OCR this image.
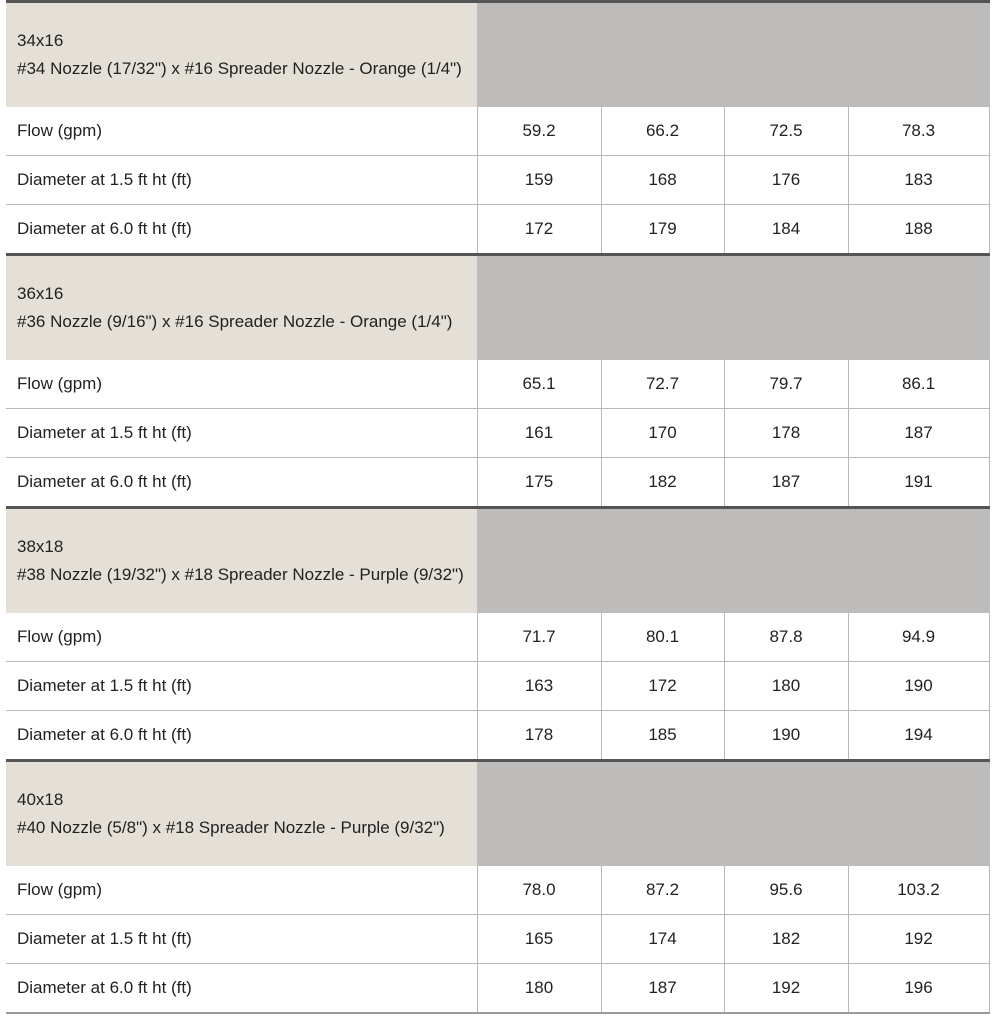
34x16
#34 Nozzle (17/32") x #16 Spreader Nozzle - Orange (1/4")				

Flow (gpm)	59.2	66.2	72.5	78.3
Diameter at 1.5 ft ht (ft)	159	168	176	183
Diameter at 6.0 ft ht (ft)	172	179	184	188

36x16
#36 Nozzle (9/16") x #16 Spreader Nozzle - Orange (1/4")				

Flow (gpm)	65.1	72.7	79.7	86.1
Diameter at 1.5 ft ht (ft)	161	170	178	187
Diameter at 6.0 ft ht (ft)	175	182	187	191

38x18
#38 Nozzle (19/32") x #18 Spreader Nozzle - Purple (9/32")				

Flow (gpm)	71.7	80.1	87.8	94.9
Diameter at 1.5 ft ht (ft)	163	172	180	190
Diameter at 6.0 ft ht (ft)	178	185	190	194

40x18
#40 Nozzle (5/8") x #18 Spreader Nozzle - Purple (9/32")				

Flow (gpm)	78.0	87.2	95.6	103.2
Diameter at 1.5 ft ht (ft)	165	174	182	192
Diameter at 6.0 ft ht (ft)	180	187	192	196
